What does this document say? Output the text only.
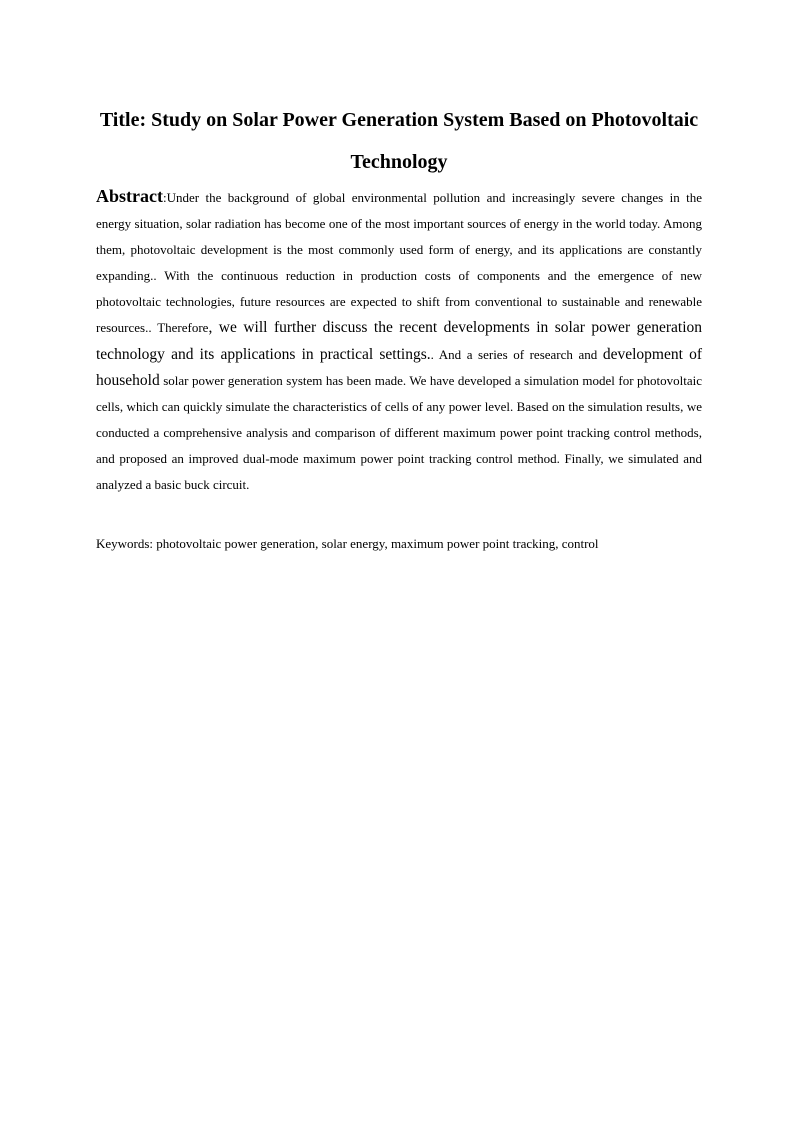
Title: Study on Solar Power Generation System Based on Photovoltaic Technology

Abstract:Under the background of global environmental pollution and increasingly severe changes in the energy situation, solar radiation has become one of the most important sources of energy in the world today. Among them, photovoltaic development is the most commonly used form of energy, and its applications are constantly expanding.. With the continuous reduction in production costs of components and the emergence of new photovoltaic technologies, future resources are expected to shift from conventional to sustainable and renewable resources.. Therefore, we will further discuss the recent developments in solar power generation technology and its applications in practical settings.. And a series of research and development of household solar power generation system has been made. We have developed a simulation model for photovoltaic cells, which can quickly simulate the characteristics of cells of any power level. Based on the simulation results, we conducted a comprehensive analysis and comparison of different maximum power point tracking control methods, and proposed an improved dual-mode maximum power point tracking control method. Finally, we simulated and analyzed a basic buck circuit.

Keywords: photovoltaic power generation, solar energy, maximum power point tracking, control
